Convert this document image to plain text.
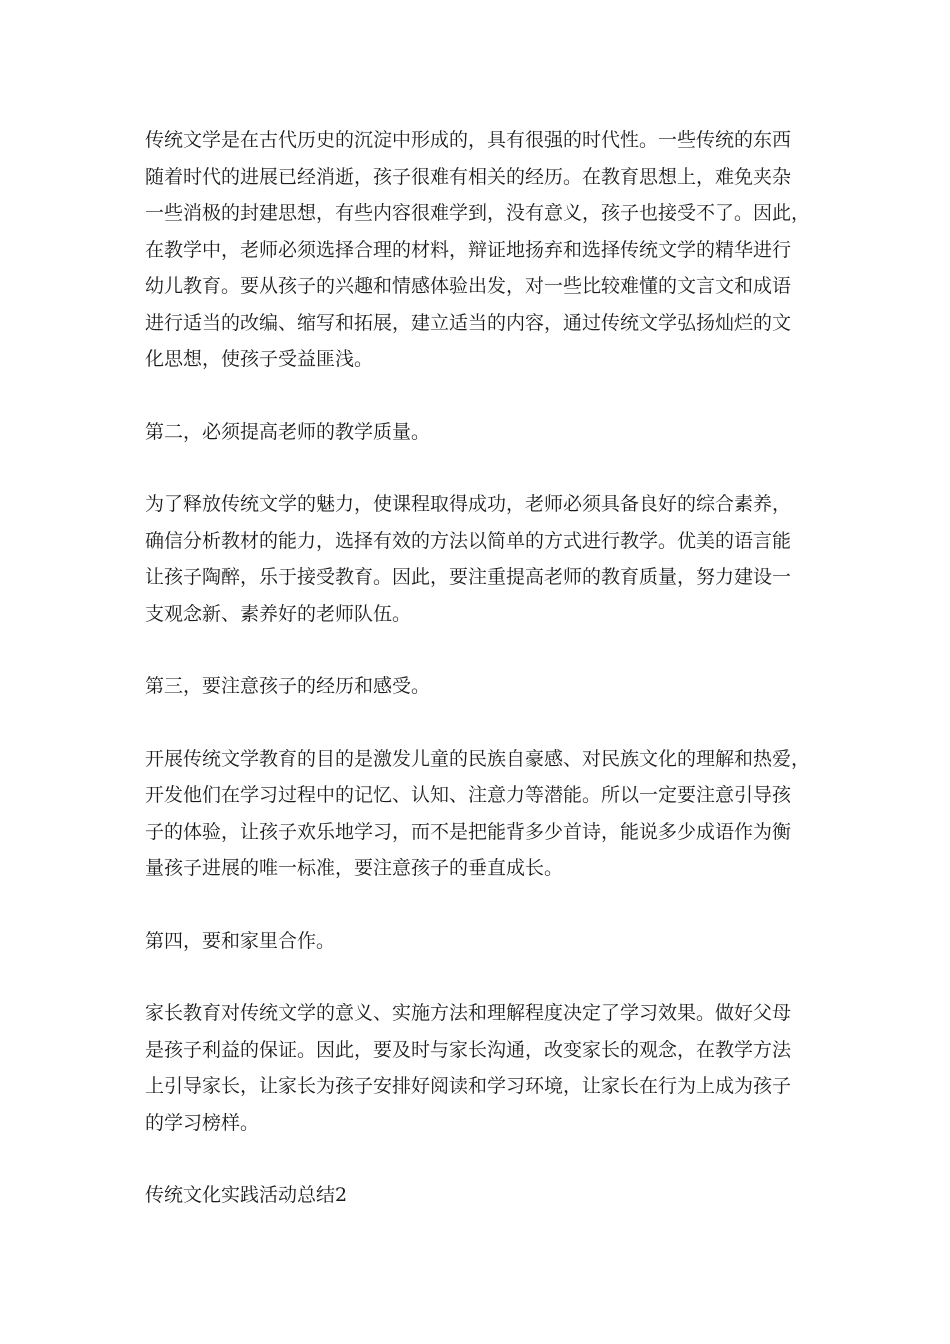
传统文学是在古代历史的沉淀中形成的，具有很强的时代性。一些传统的东西
随着时代的进展已经消逝，孩子很难有相关的经历。在教育思想上，难免夹杂
一些消极的封建思想，有些内容很难学到，没有意义，孩子也接受不了。因此，
在教学中，老师必须选择合理的材料，辩证地扬弃和选择传统文学的精华进行
幼儿教育。要从孩子的兴趣和情感体验出发，对一些比较难懂的文言文和成语
进行适当的改编、缩写和拓展，建立适当的内容，通过传统文学弘扬灿烂的文
化思想，使孩子受益匪浅。

第二，必须提高老师的教学质量。

为了释放传统文学的魅力，使课程取得成功，老师必须具备良好的综合素养，
确信分析教材的能力，选择有效的方法以简单的方式进行教学。优美的语言能
让孩子陶醉，乐于接受教育。因此，要注重提高老师的教育质量，努力建设一
支观念新、素养好的老师队伍。

第三，要注意孩子的经历和感受。

开展传统文学教育的目的是激发儿童的民族自豪感、对民族文化的理解和热爱，
开发他们在学习过程中的记忆、认知、注意力等潜能。所以一定要注意引导孩
子的体验，让孩子欢乐地学习，而不是把能背多少首诗，能说多少成语作为衡
量孩子进展的唯一标准，要注意孩子的垂直成长。

第四，要和家里合作。

家长教育对传统文学的意义、实施方法和理解程度决定了学习效果。做好父母
是孩子利益的保证。因此，要及时与家长沟通，改变家长的观念，在教学方法
上引导家长，让家长为孩子安排好阅读和学习环境，让家长在行为上成为孩子
的学习榜样。

传统文化实践活动总结2
